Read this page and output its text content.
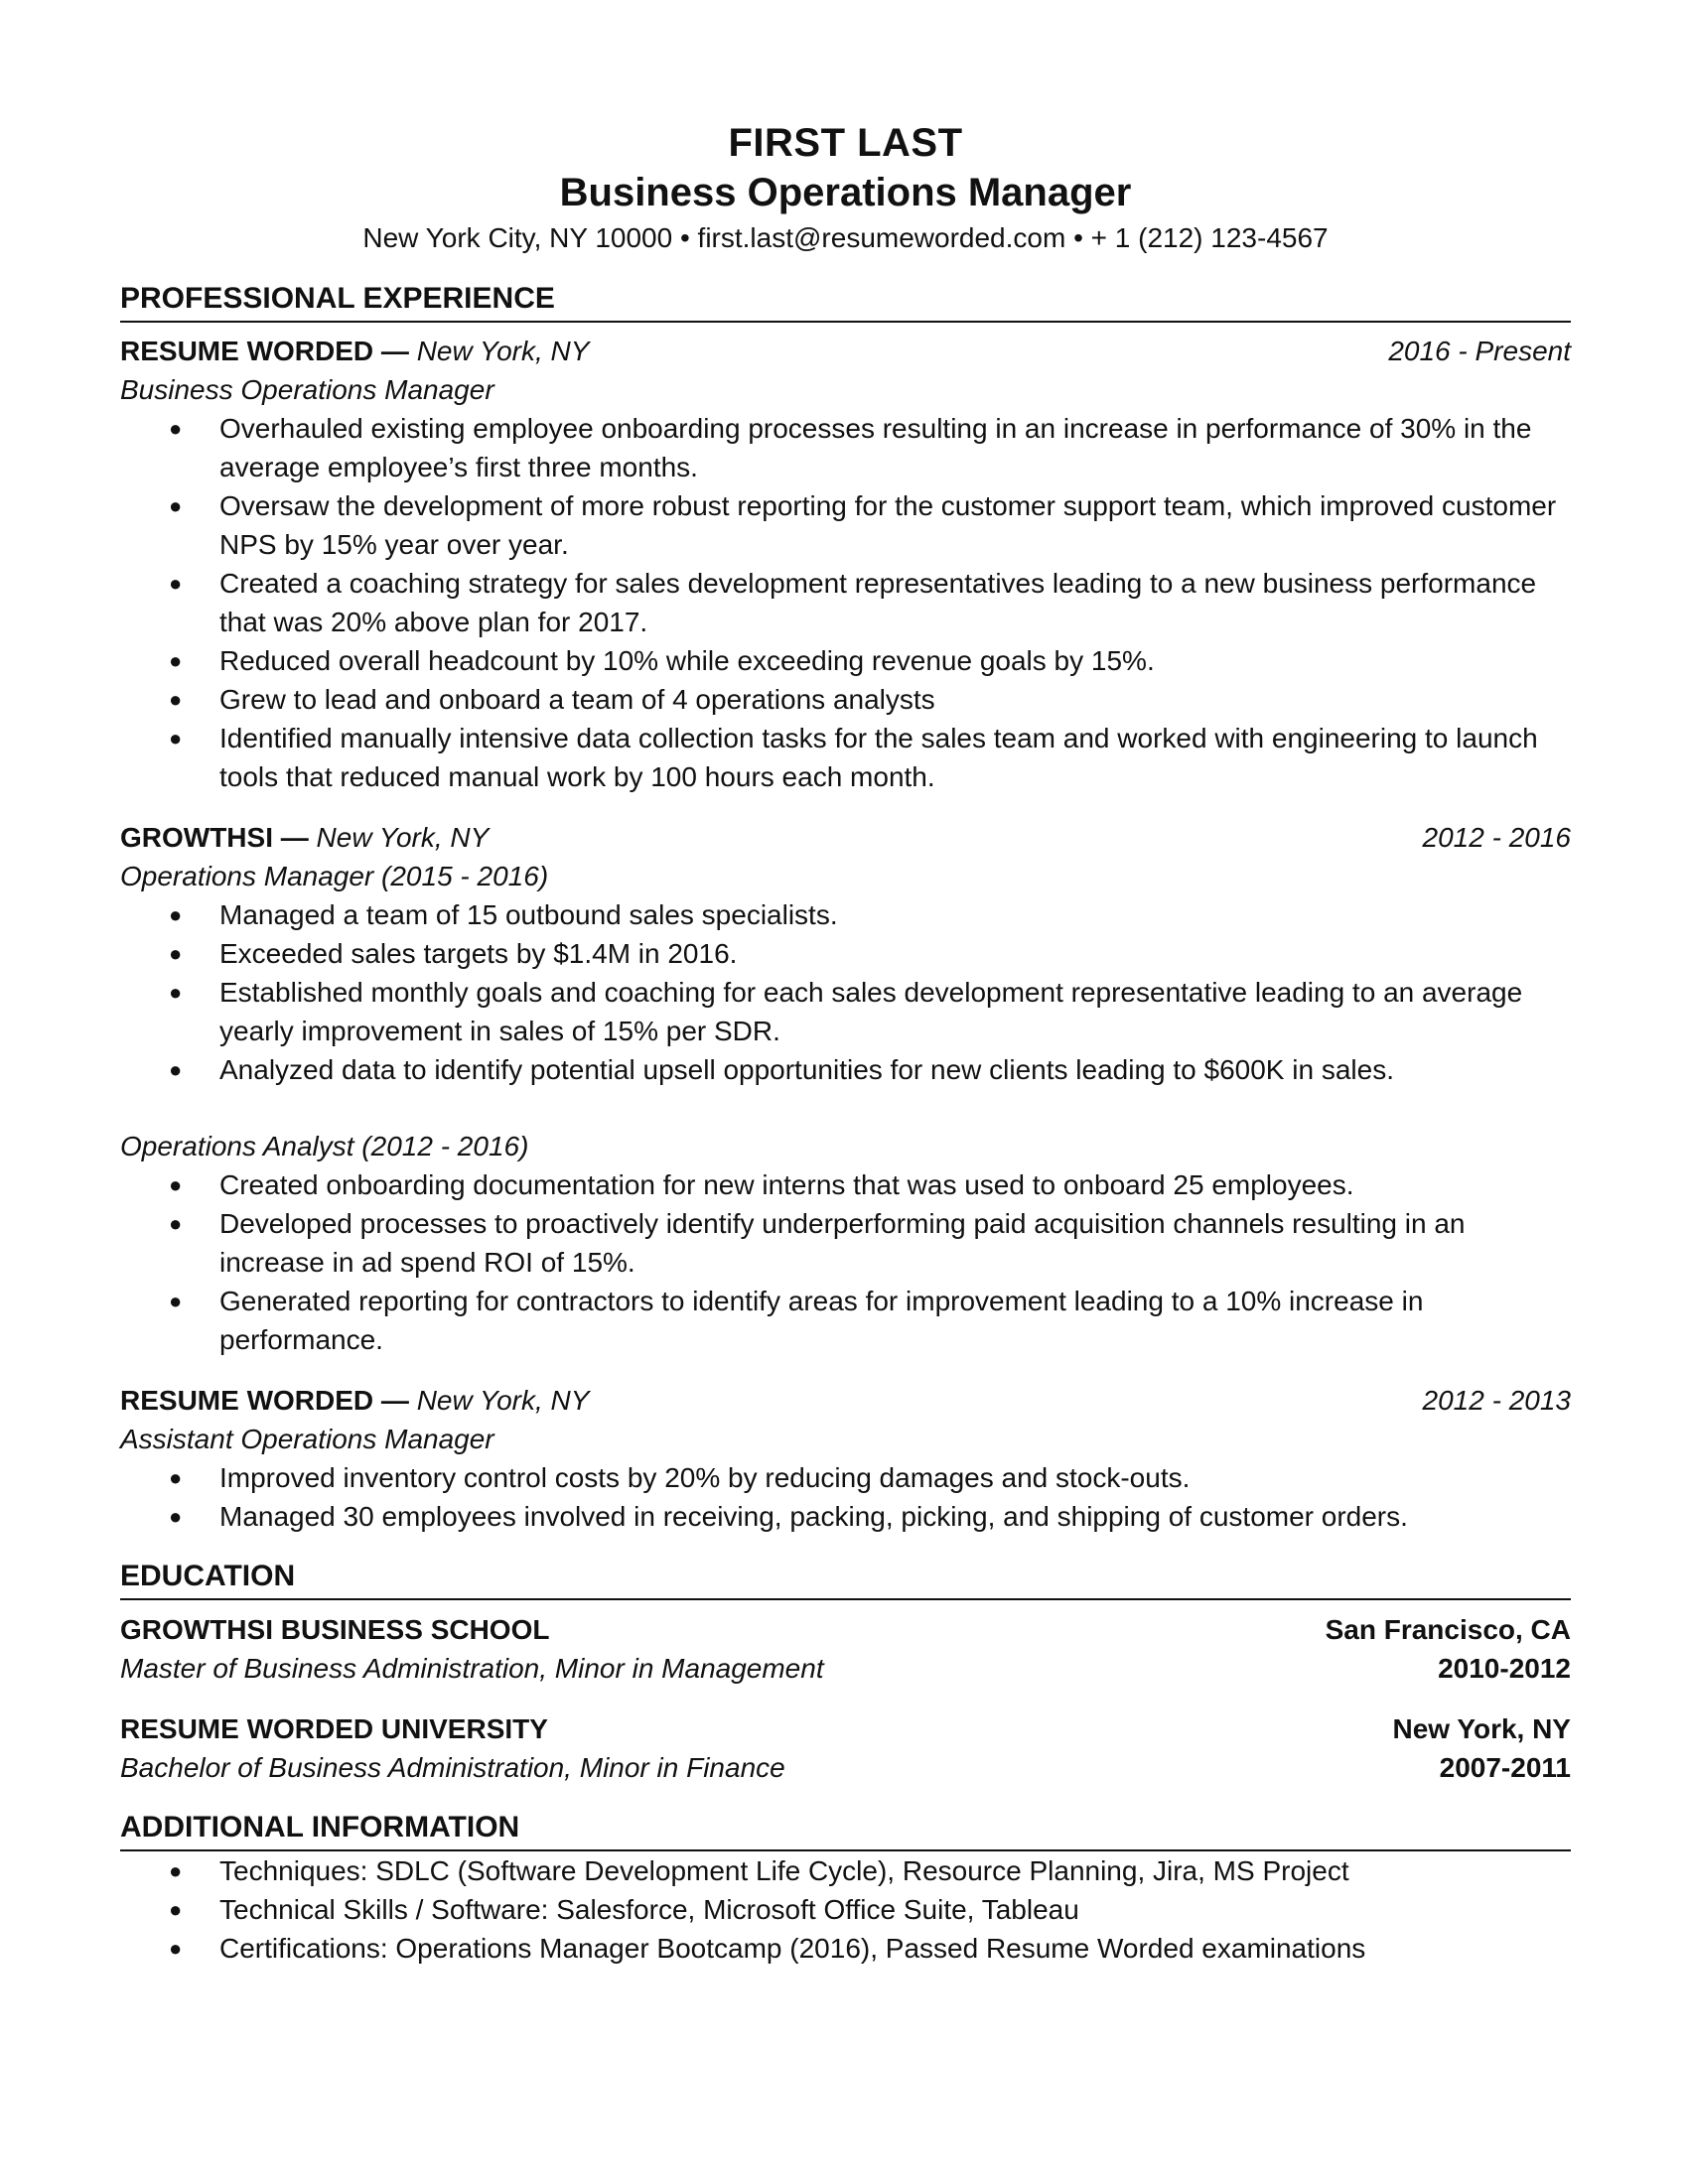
FIRST LAST
Business Operations Manager
New York City, NY 10000 • first.last@resumeworded.com • + 1 (212) 123-4567
PROFESSIONAL EXPERIENCE
RESUME WORDED — New York, NY	2016 - Present
Business Operations Manager
● Overhauled existing employee onboarding processes resulting in an increase in performance of 30% in the average employee’s first three months.
● Oversaw the development of more robust reporting for the customer support team, which improved customer NPS by 15% year over year.
● Created a coaching strategy for sales development representatives leading to a new business performance that was 20% above plan for 2017.
● Reduced overall headcount by 10% while exceeding revenue goals by 15%.
● Grew to lead and onboard a team of 4 operations analysts
● Identified manually intensive data collection tasks for the sales team and worked with engineering to launch tools that reduced manual work by 100 hours each month.
GROWTHSI — New York, NY	2012 - 2016
Operations Manager (2015 - 2016)
● Managed a team of 15 outbound sales specialists.
● Exceeded sales targets by $1.4M in 2016.
● Established monthly goals and coaching for each sales development representative leading to an average yearly improvement in sales of 15% per SDR.
● Analyzed data to identify potential upsell opportunities for new clients leading to $600K in sales.
Operations Analyst (2012 - 2016)
● Created onboarding documentation for new interns that was used to onboard 25 employees.
● Developed processes to proactively identify underperforming paid acquisition channels resulting in an increase in ad spend ROI of 15%.
● Generated reporting for contractors to identify areas for improvement leading to a 10% increase in performance.
RESUME WORDED — New York, NY	2012 - 2013
Assistant Operations Manager
● Improved inventory control costs by 20% by reducing damages and stock-outs.
● Managed 30 employees involved in receiving, packing, picking, and shipping of customer orders.
EDUCATION
GROWTHSI BUSINESS SCHOOL	San Francisco, CA
Master of Business Administration, Minor in Management	2010-2012
RESUME WORDED UNIVERSITY	New York, NY
Bachelor of Business Administration, Minor in Finance	2007-2011
ADDITIONAL INFORMATION
● Techniques: SDLC (Software Development Life Cycle), Resource Planning, Jira, MS Project
● Technical Skills / Software: Salesforce, Microsoft Office Suite, Tableau
● Certifications: Operations Manager Bootcamp (2016), Passed Resume Worded examinations
